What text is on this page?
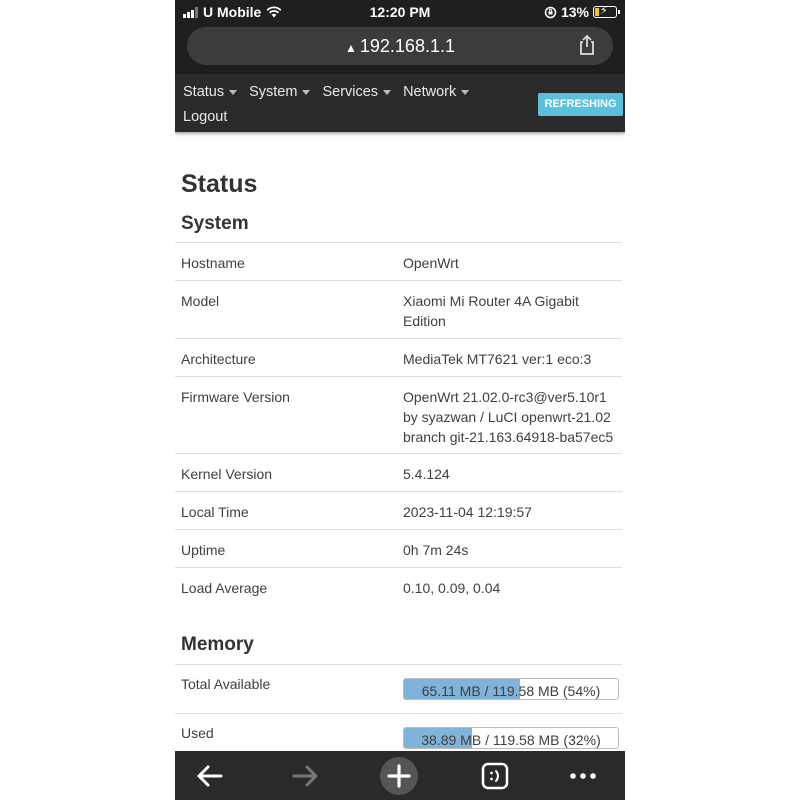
U Mobile	12:20 PM	13% ⚡
▲ 192.168.1.1
Status	System	Services	Network
Logout
REFRESHING
Status
System
Hostname	OpenWrt
Model	Xiaomi Mi Router 4A Gigabit Edition
Architecture	MediaTek MT7621 ver:1 eco:3
Firmware Version	OpenWrt 21.02.0-rc3@ver5.10r1 by syazwan / LuCI openwrt-21.02 branch git-21.163.64918-ba57ec5
Kernel Version	5.4.124
Local Time	2023-11-04 12:19:57
Uptime	0h 7m 24s
Load Average	0.10, 0.09, 0.04
Memory
Total Available	65.11 MB / 119.58 MB (54%)
Used	38.89 MB / 119.58 MB (32%)
